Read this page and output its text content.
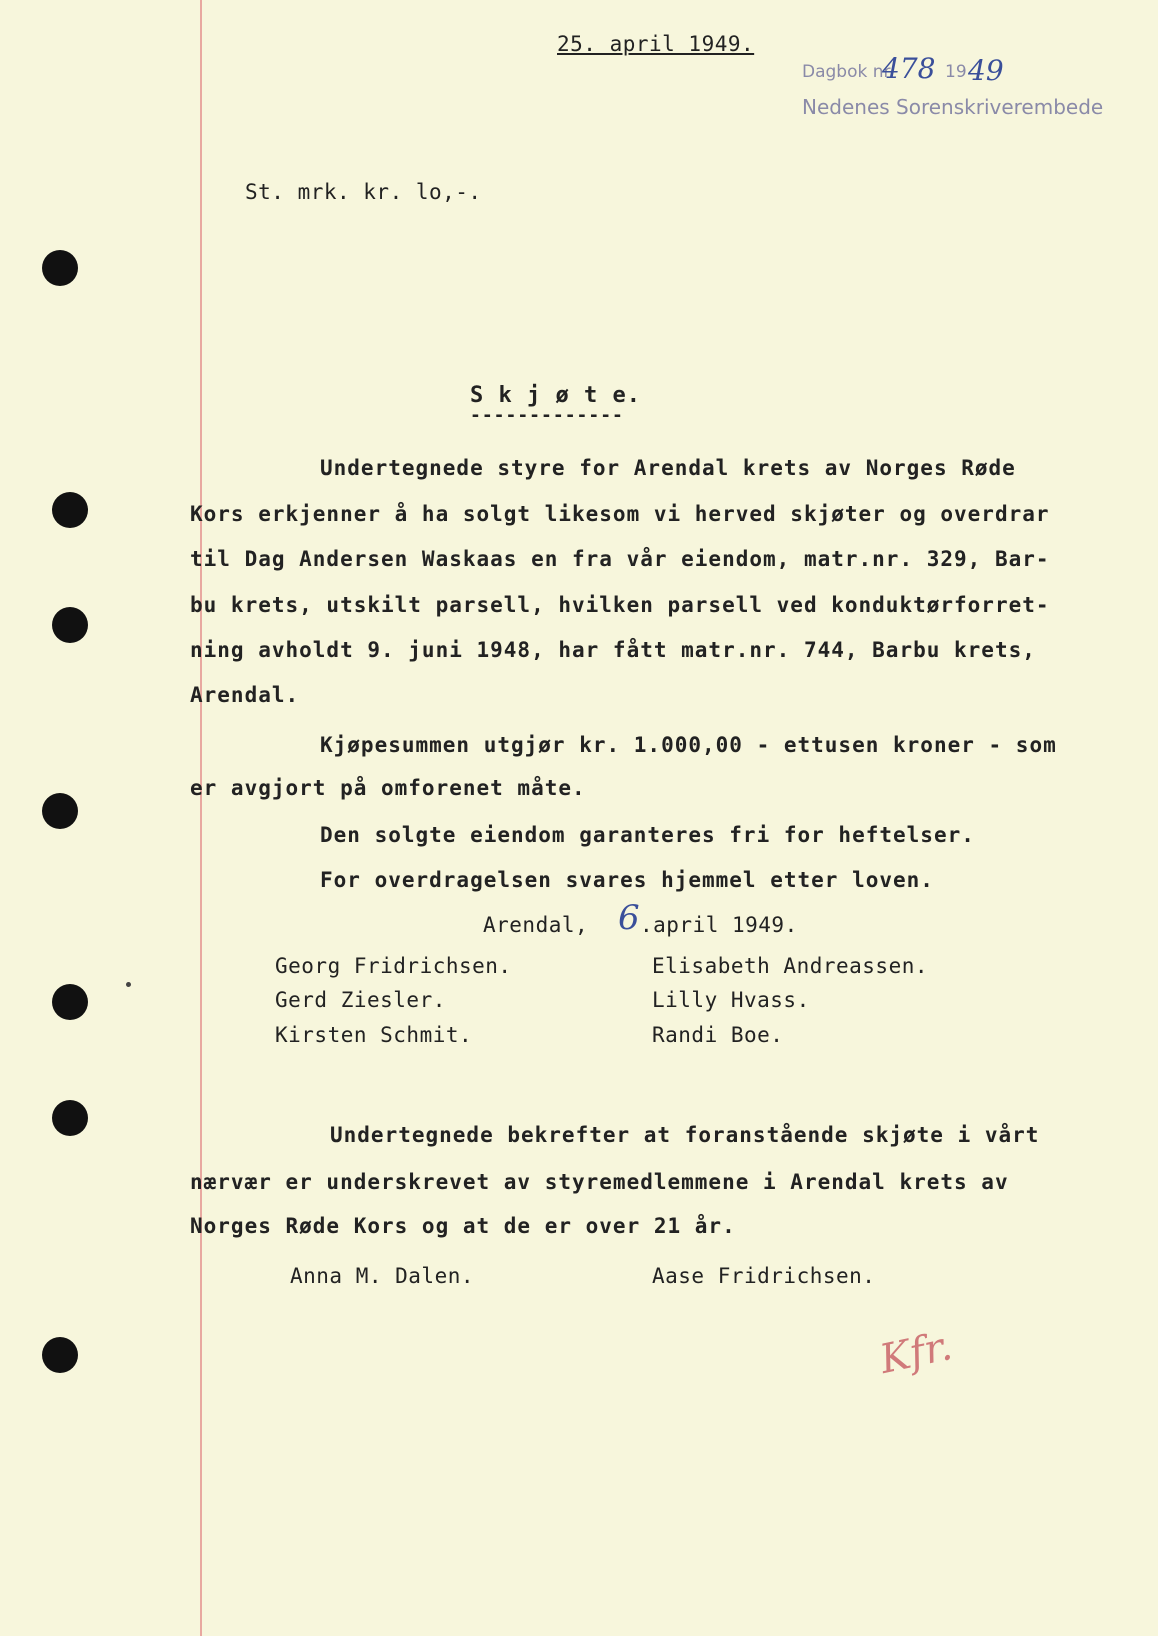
25. april 1949.
Dagbok nr.
478 19 49
Nedenes Sorenskriverembede
St. mrk. kr. lo,-.
S k j ø t e.
-------------
Undertegnede styre for Arendal krets av Norges Røde
Kors erkjenner å ha solgt likesom vi herved skjøter og overdrar
til Dag Andersen Waskaas en fra vår eiendom, matr.nr. 329, Bar-
bu krets, utskilt parsell, hvilken parsell ved konduktørforret-
ning avholdt 9. juni 1948, har fått matr.nr. 744, Barbu krets,
Arendal.
Kjøpesummen utgjør kr. 1.000,00 - ettusen kroner - som
er avgjort på omforenet måte.
Den solgte eiendom garanteres fri for heftelser.
For overdragelsen svares hjemmel etter loven.
Arendal, 6 .april 1949.
Georg Fridrichsen.
Gerd Ziesler.
Kirsten Schmit.
Elisabeth Andreassen.
Lilly Hvass.
Randi Boe.
Undertegnede bekrefter at foranstående skjøte i vårt
nærvær er underskrevet av styremedlemmene i Arendal krets av
Norges Røde Kors og at de er over 21 år.
Anna M. Dalen.	Aase Fridrichsen.
Kfr.
